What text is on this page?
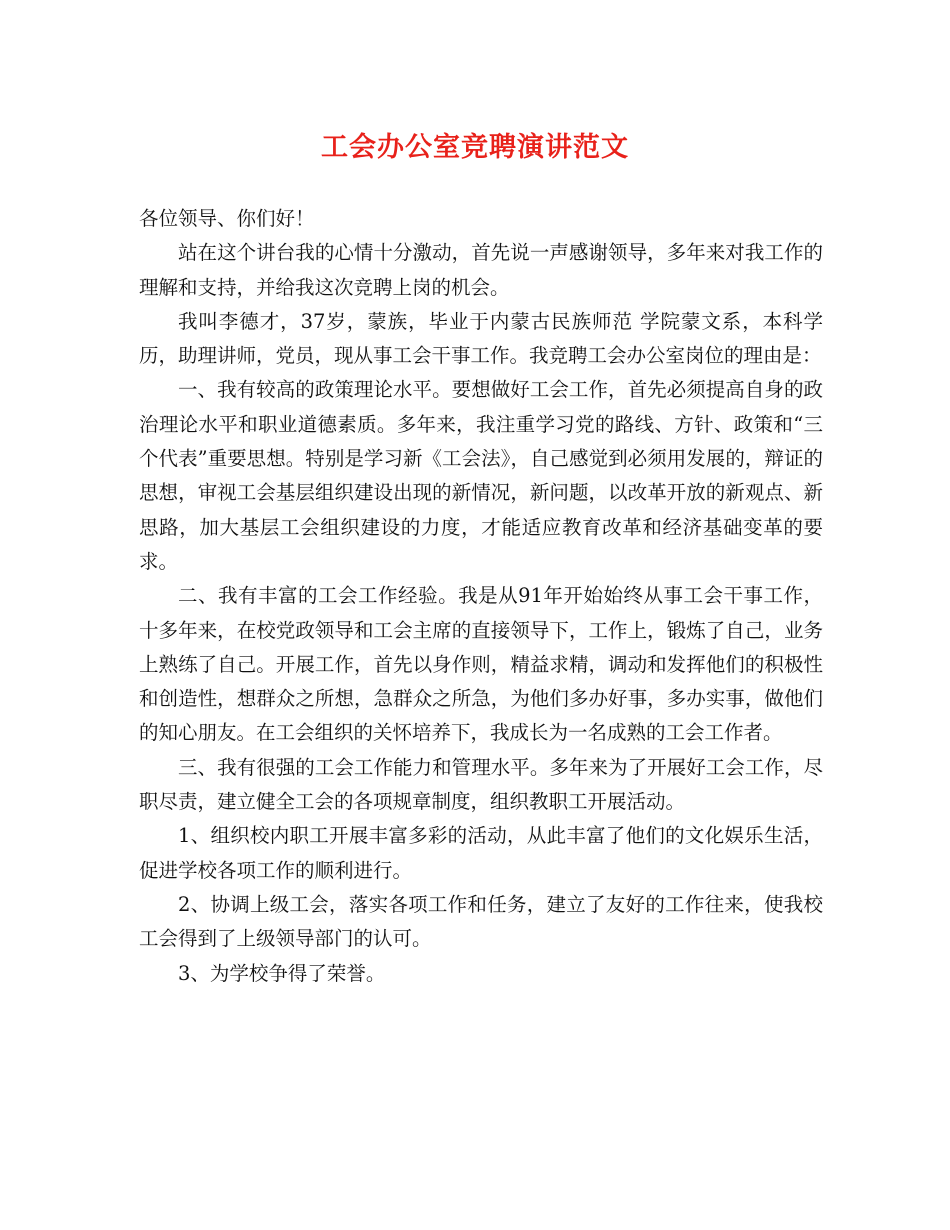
工会办公室竞聘演讲范文

各位领导、你们好！

站在这个讲台我的心情十分激动，首先说一声感谢领导，多年来对我工作的理解和支持，并给我这次竞聘上岗的机会。

我叫李德才，37岁，蒙族，毕业于内蒙古民族师范 学院蒙文系，本科学历，助理讲师，党员，现从事工会干事工作。我竞聘工会办公室岗位的理由是：

一、我有较高的政策理论水平。要想做好工会工作，首先必须提高自身的政治理论水平和职业道德素质。多年来，我注重学习党的路线、方针、政策和“三个代表”重要思想。特别是学习新《工会法》，自己感觉到必须用发展的，辩证的思想，审视工会基层组织建设出现的新情况，新问题，以改革开放的新观点、新思路，加大基层工会组织建设的力度，才能适应教育改革和经济基础变革的要求。

二、我有丰富的工会工作经验。我是从91年开始始终从事工会干事工作，十多年来，在校党政领导和工会主席的直接领导下，工作上，锻炼了自己，业务上熟练了自己。开展工作，首先以身作则，精益求精，调动和发挥他们的积极性和创造性，想群众之所想，急群众之所急，为他们多办好事，多办实事，做他们的知心朋友。在工会组织的关怀培养下，我成长为一名成熟的工会工作者。

三、我有很强的工会工作能力和管理水平。多年来为了开展好工会工作，尽职尽责，建立健全工会的各项规章制度，组织教职工开展活动。

1、组织校内职工开展丰富多彩的活动，从此丰富了他们的文化娱乐生活，促进学校各项工作的顺利进行。

2、协调上级工会，落实各项工作和任务，建立了友好的工作往来，使我校工会得到了上级领导部门的认可。

3、为学校争得了荣誉。
